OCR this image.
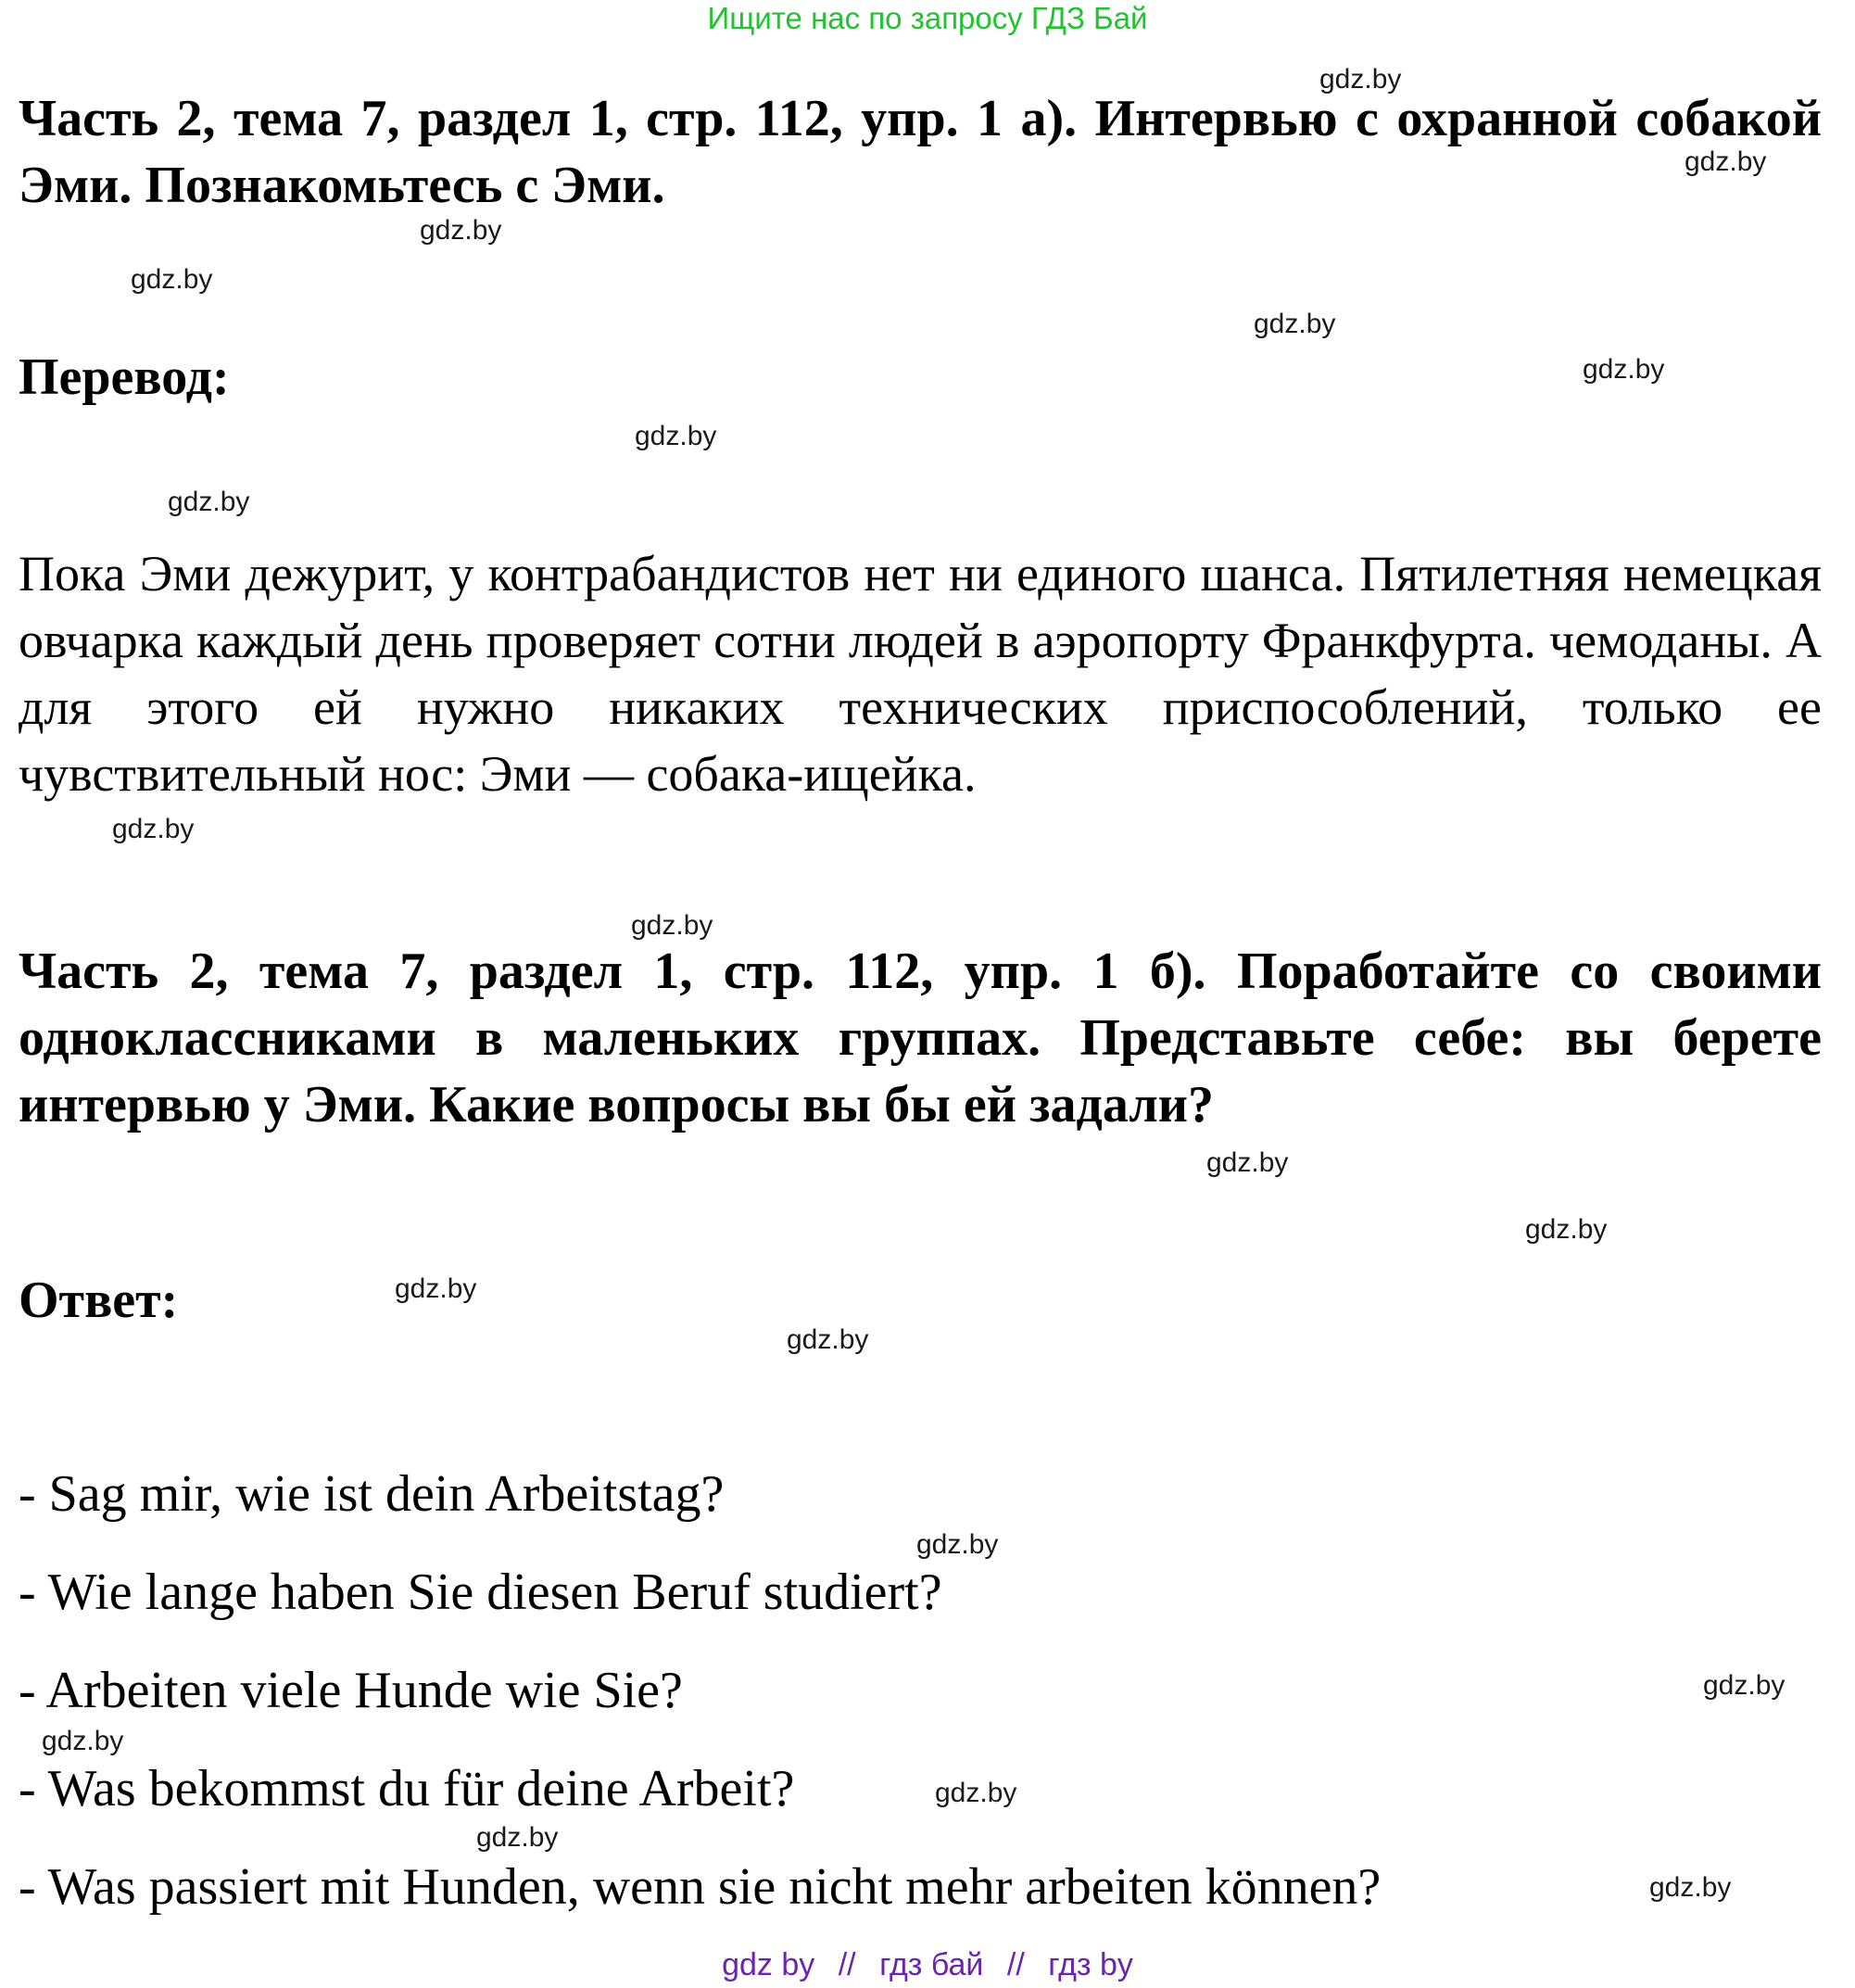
Ищите нас по запросу ГДЗ Бай
Часть 2, тема 7, раздел 1, стр. 112, упр. 1 а). Интервью с охранной собакой Эми. Познакомьтесь с Эми.
Перевод:
Пока Эми дежурит, у контрабандистов нет ни единого шанса. Пятилетняя немецкая овчарка каждый день проверяет сотни людей в аэропорту Франкфурта. чемоданы. А для этого ей нужно никаких технических приспособлений, только ее чувствительный нос: Эми — собака-ищейка.
Часть 2, тема 7, раздел 1, стр. 112, упр. 1 б). Поработайте со своими одноклассниками в маленьких группах. Представьте себе: вы берете интервью у Эми. Какие вопросы вы бы ей задали?
Ответ:
- Sag mir, wie ist dein Arbeitstag?
- Wie lange haben Sie diesen Beruf studiert?
- Arbeiten viele Hunde wie Sie?
- Was bekommst du für deine Arbeit?
- Was passiert mit Hunden, wenn sie nicht mehr arbeiten können?
gdz.by
gdz.by
gdz.by
gdz.by
gdz.by
gdz.by
gdz.by
gdz.by
gdz.by
gdz.by
gdz.by
gdz.by
gdz.by
gdz.by
gdz.by
gdz.by
gdz.by
gdz.by
gdz.by
gdz.by
gdz by // гдз бай // гдз by
